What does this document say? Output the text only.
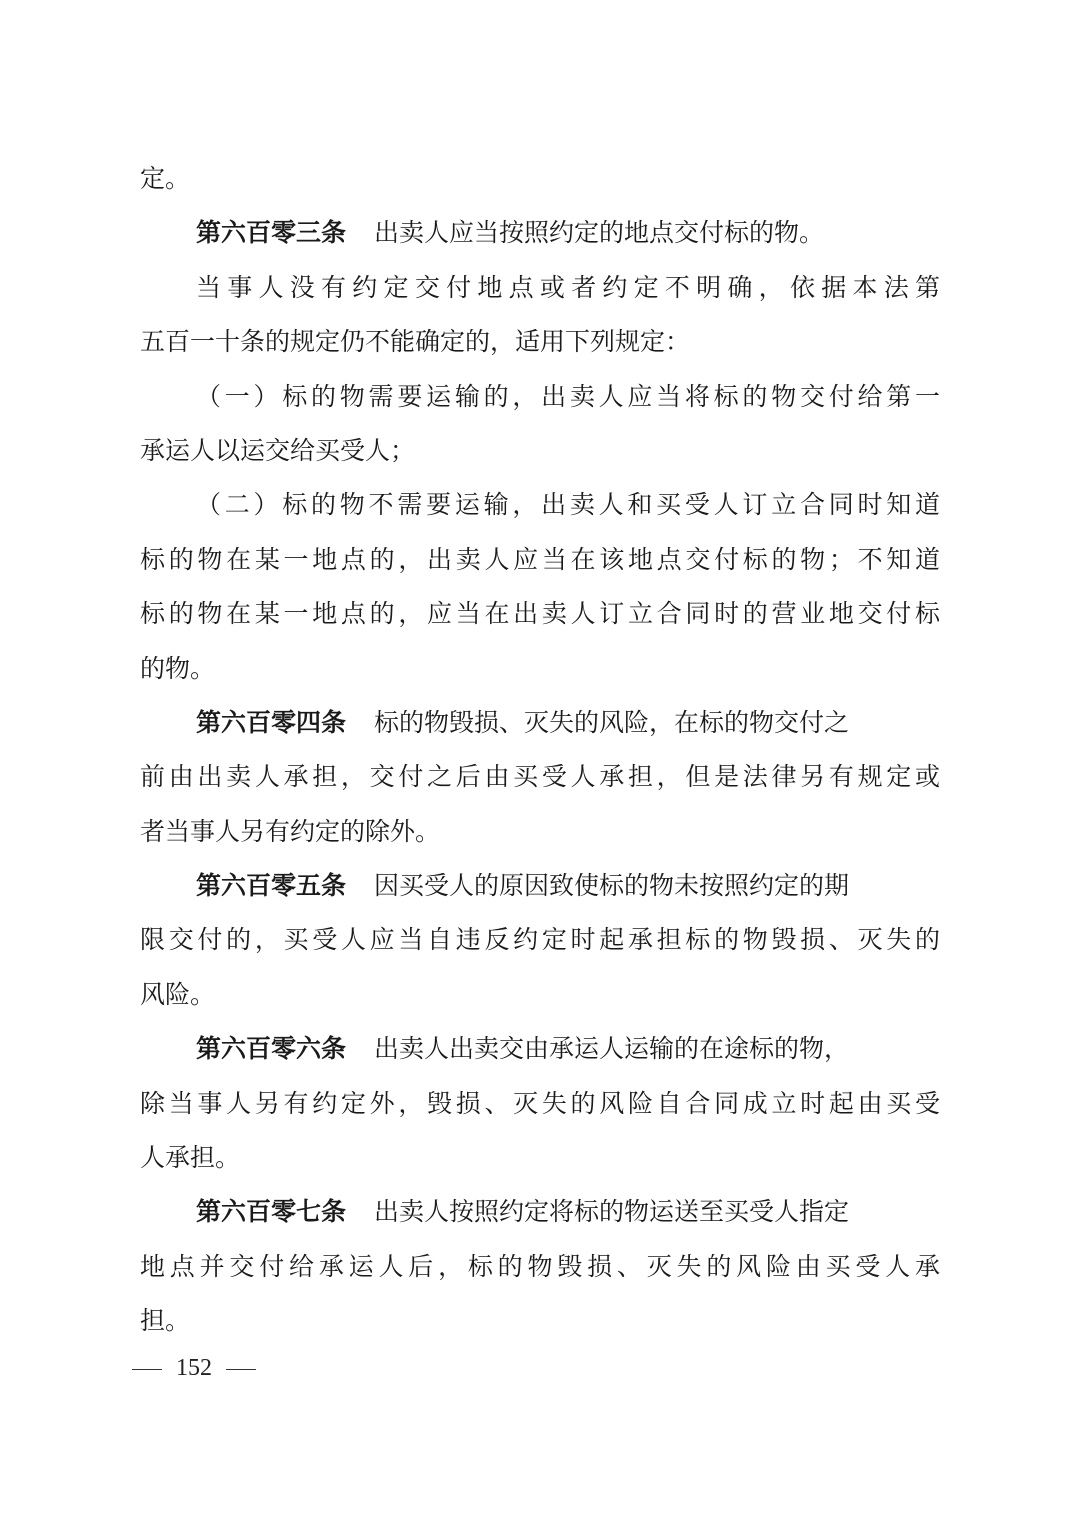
定。
第六百零三条 出卖人应当按照约定的地点交付标的物。
当事人没有约定交付地点或者约定不明确，依据本法第
五百一十条的规定仍不能确定的，适用下列规定：
（一）标的物需要运输的，出卖人应当将标的物交付给第一
承运人以运交给买受人；
（二）标的物不需要运输，出卖人和买受人订立合同时知道
标的物在某一地点的，出卖人应当在该地点交付标的物；不知道
标的物在某一地点的，应当在出卖人订立合同时的营业地交付标
的物。
第六百零四条 标的物毁损、灭失的风险，在标的物交付之
前由出卖人承担，交付之后由买受人承担，但是法律另有规定或
者当事人另有约定的除外。
第六百零五条 因买受人的原因致使标的物未按照约定的期
限交付的，买受人应当自违反约定时起承担标的物毁损、灭失的
风险。
第六百零六条 出卖人出卖交由承运人运输的在途标的物，
除当事人另有约定外，毁损、灭失的风险自合同成立时起由买受
人承担。
第六百零七条 出卖人按照约定将标的物运送至买受人指定
地点并交付给承运人后，标的物毁损、灭失的风险由买受人承
担。
152
